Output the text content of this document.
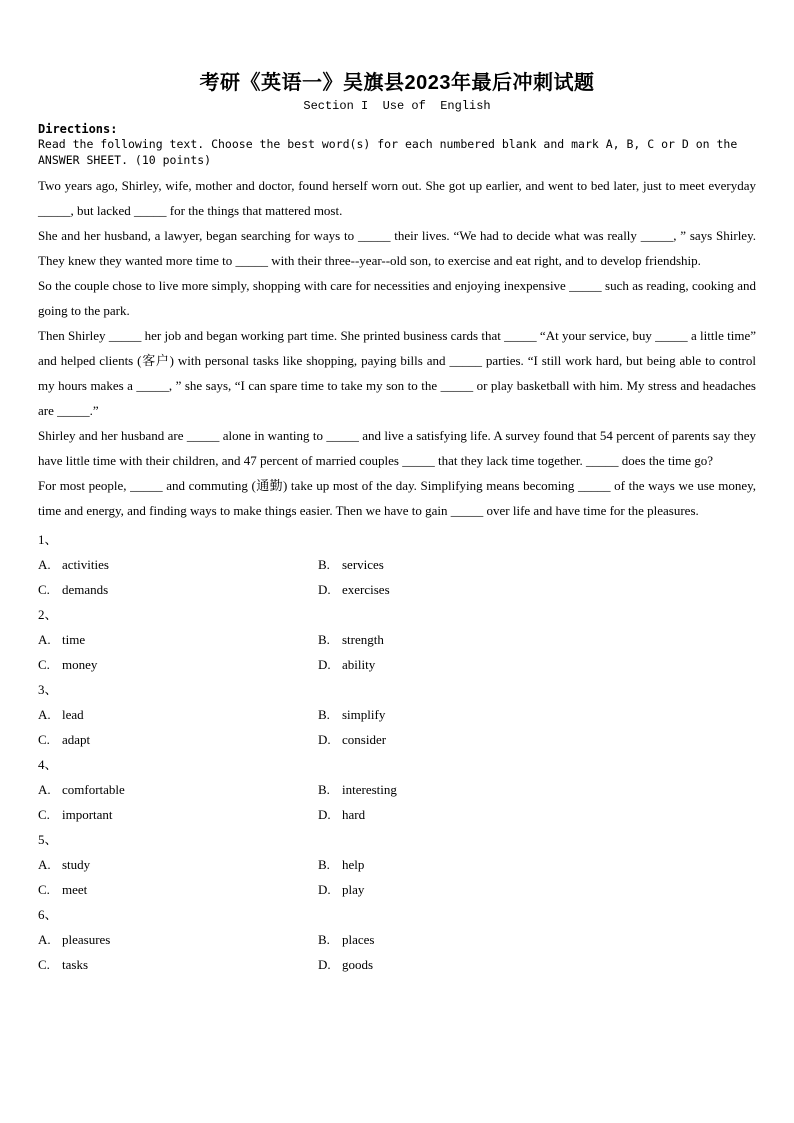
考研《英语一》吴旗县2023年最后冲刺试题
Section I  Use of  English
Directions:
Read the following text. Choose the best word(s) for each numbered blank and mark A, B, C or D on the ANSWER SHEET. (10 points)

Two years ago, Shirley, wife, mother and doctor, found herself worn out. She got up earlier, and went to bed later, just to meet everyday _____, but lacked _____ for the things that mattered most.

She and her husband, a lawyer, began searching for ways to _____ their lives. “We had to decide what was really _____, ” says Shirley. They knew they wanted more time to _____ with their three--year--old son, to exercise and eat right, and to develop friendship.

So the couple chose to live more simply, shopping with care for necessities and enjoying inexpensive _____ such as reading, cooking and going to the park.

Then Shirley _____ her job and began working part time. She printed business cards that _____ “At your service, buy _____ a little time” and helped clients (客户) with personal tasks like shopping, paying bills and _____ parties. “I still work hard, but being able to control my hours makes a _____, ” she says, “I can spare time to take my son to the _____ or play basketball with him. My stress and headaches are _____.”

Shirley and her husband are _____ alone in wanting to _____ and live a satisfying life. A survey found that 54 percent of parents say they have little time with their children, and 47 percent of married couples _____ that they lack time together. _____ does the time go?

For most people, _____ and commuting (通勤) take up most of the day. Simplifying means becoming _____ of the ways we use money, time and energy, and finding ways to make things easier. Then we have to gain _____ over life and have time for the pleasures.

1、
A. activities	B. services
C. demands	D. exercises
2、
A. time	B. strength
C. money	D. ability
3、
A. lead	B. simplify
C. adapt	D. consider
4、
A. comfortable	B. interesting
C. important	D. hard
5、
A. study	B. help
C. meet	D. play
6、
A. pleasures	B. places
C. tasks	D. goods
